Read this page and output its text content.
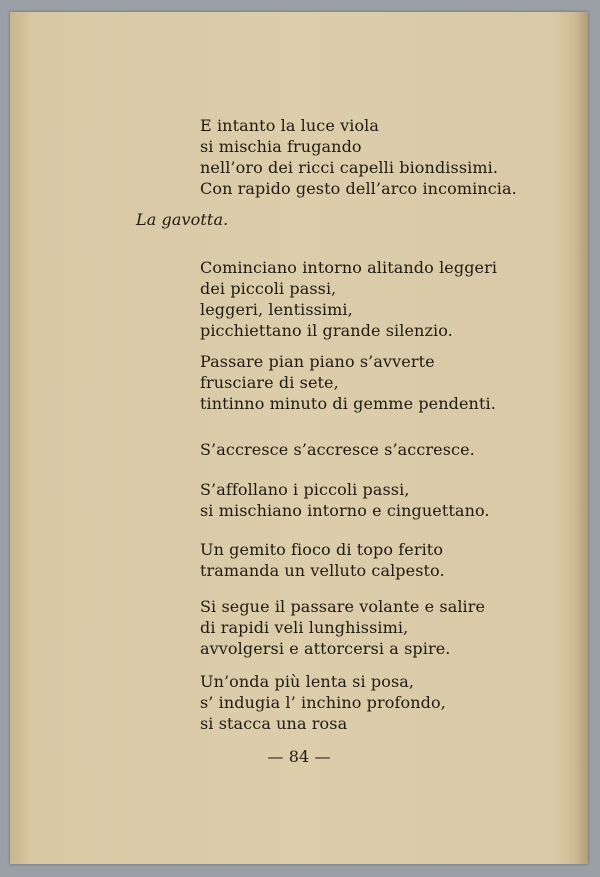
E intanto la luce viola
si mischia frugando
nell’oro dei ricci capelli biondissimi.
Con rapido gesto dell’arco incomincia.

La gavotta.

Cominciano intorno alitando leggeri
dei piccoli passi,
leggeri, lentissimi,
picchiettano il grande silenzio.

Passare pian piano s’avverte
frusciare di sete,
tintinno minuto di gemme pendenti.

S’accresce s’accresce s’accresce.

S’affollano i piccoli passi,
si mischiano intorno e cinguettano.

Un gemito fioco di topo ferito
tramanda un velluto calpesto.

Si segue il passare volante e salire
di rapidi veli lunghissimi,
avvolgersi e attorcersi a spire.

Un’onda più lenta si posa,
s’ indugia l’ inchino profondo,
si stacca una rosa

— 84 —
